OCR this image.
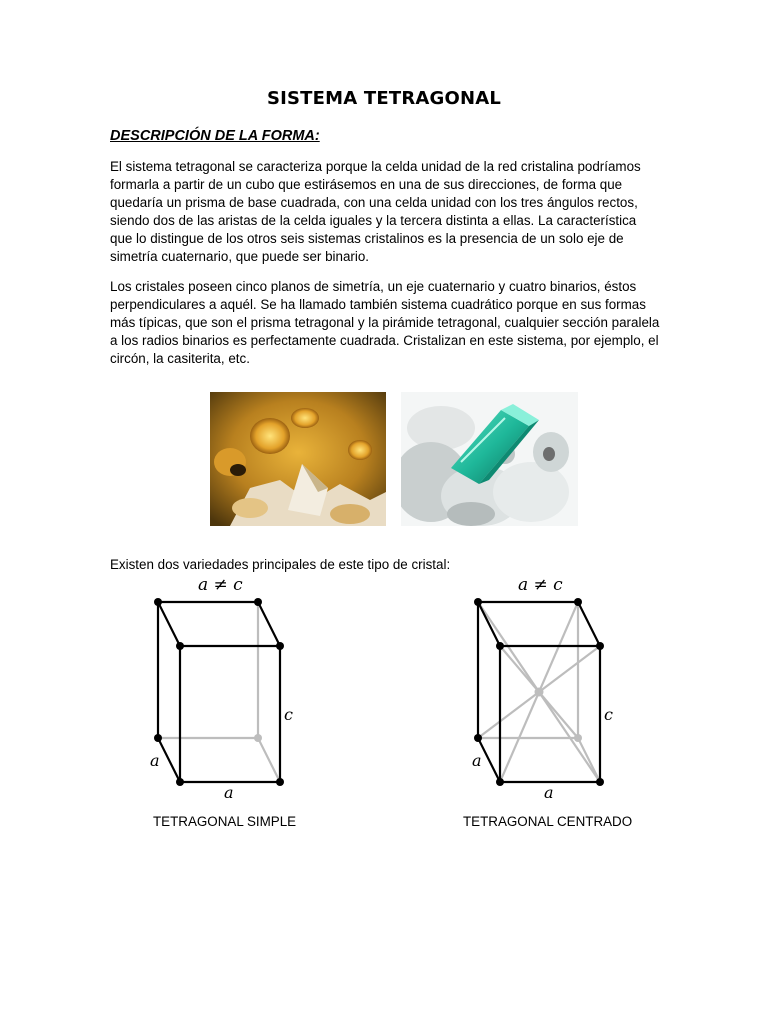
SISTEMA TETRAGONAL
DESCRIPCIÓN DE LA FORMA:

El sistema tetragonal se caracteriza porque la celda unidad de la red cristalina podríamos formarla a partir de un cubo que estirásemos en una de sus direcciones, de forma que quedaría un prisma de base cuadrada, con una celda unidad con los tres ángulos rectos, siendo dos de las aristas de la celda iguales y la tercera distinta a ellas. La característica que lo distingue de los otros seis sistemas cristalinos es la presencia de un solo eje de simetría cuaternario, que puede ser binario.

Los cristales poseen cinco planos de simetría, un eje cuaternario y cuatro binarios, éstos perpendiculares a aquél. Se ha llamado también sistema cuadrático porque en sus formas más típicas, que son el prisma tetragonal y la pirámide tetragonal, cualquier sección paralela a los radios binarios es perfectamente cuadrada. Cristalizan en este sistema, por ejemplo, el circón, la casiterita, etc.

Existen dos variedades principales de este tipo de cristal:
a ≠ c
c
a
a
a ≠ c
c
a
a
TETRAGONAL SIMPLE	TETRAGONAL CENTRADO
